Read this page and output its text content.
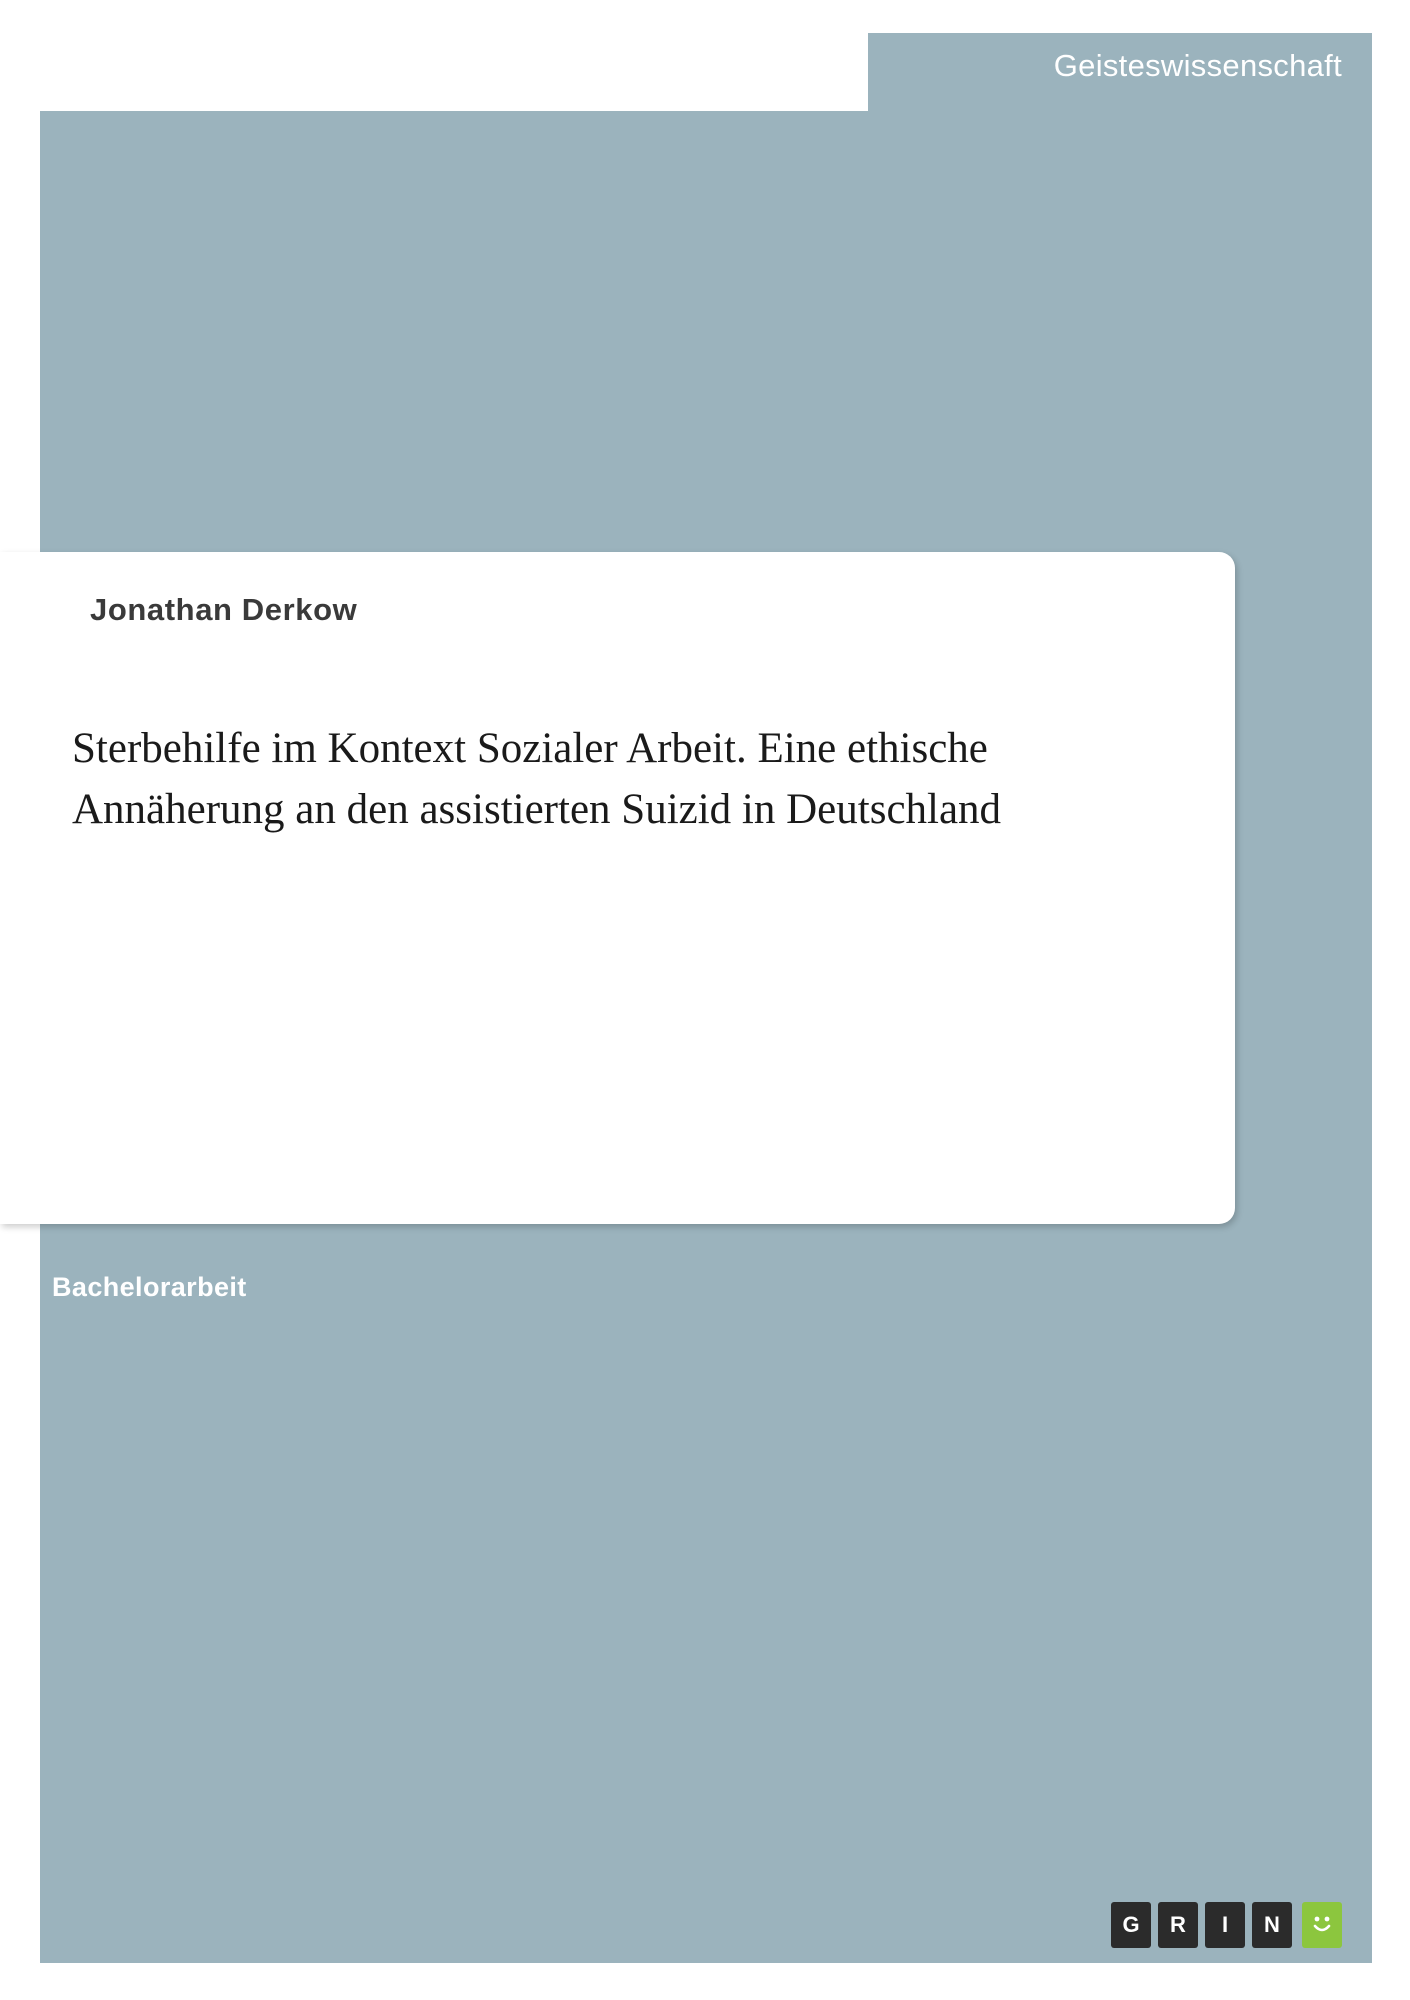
Geisteswissenschaft
Jonathan Derkow
Sterbehilfe im Kontext Sozialer Arbeit. Eine ethische Annäherung an den assistierten Suizid in Deutschland
Bachelorarbeit
G	R	I	N
